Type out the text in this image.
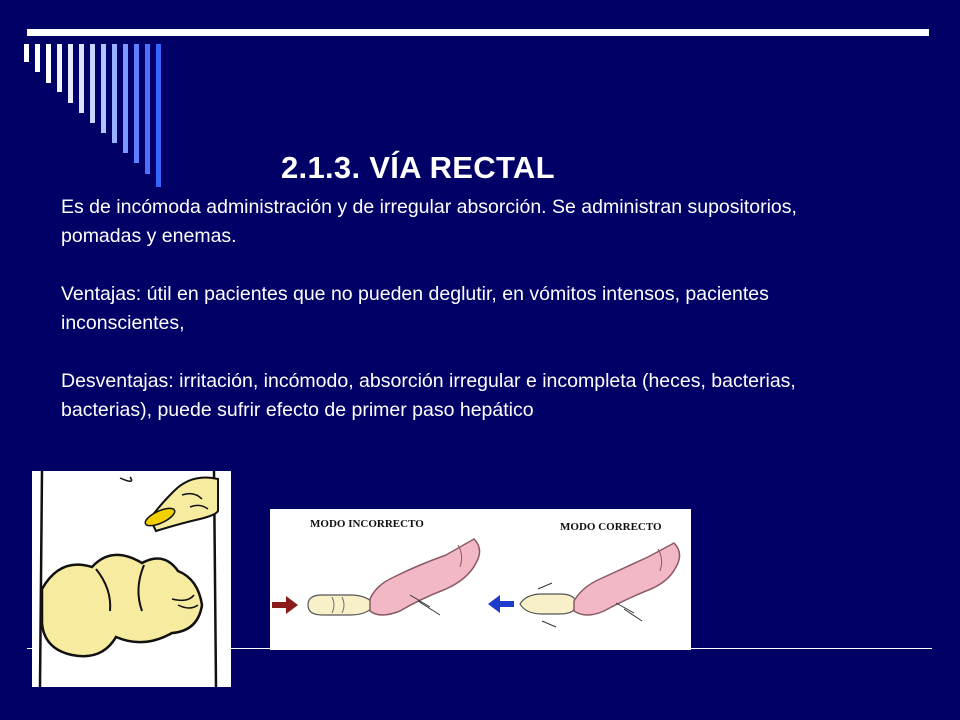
2.1.3. VÍA RECTAL

Es de incómoda administración y de irregular absorción. Se administran supositorios, pomadas y enemas.

Ventajas: útil en pacientes que no pueden deglutir, en vómitos intensos, pacientes inconscientes,

Desventajas: irritación, incómodo, absorción irregular e incompleta (heces, bacterias, bacterias), puede sufrir efecto de primer paso hepático

MODO INCORRECTO	MODO CORRECTO
